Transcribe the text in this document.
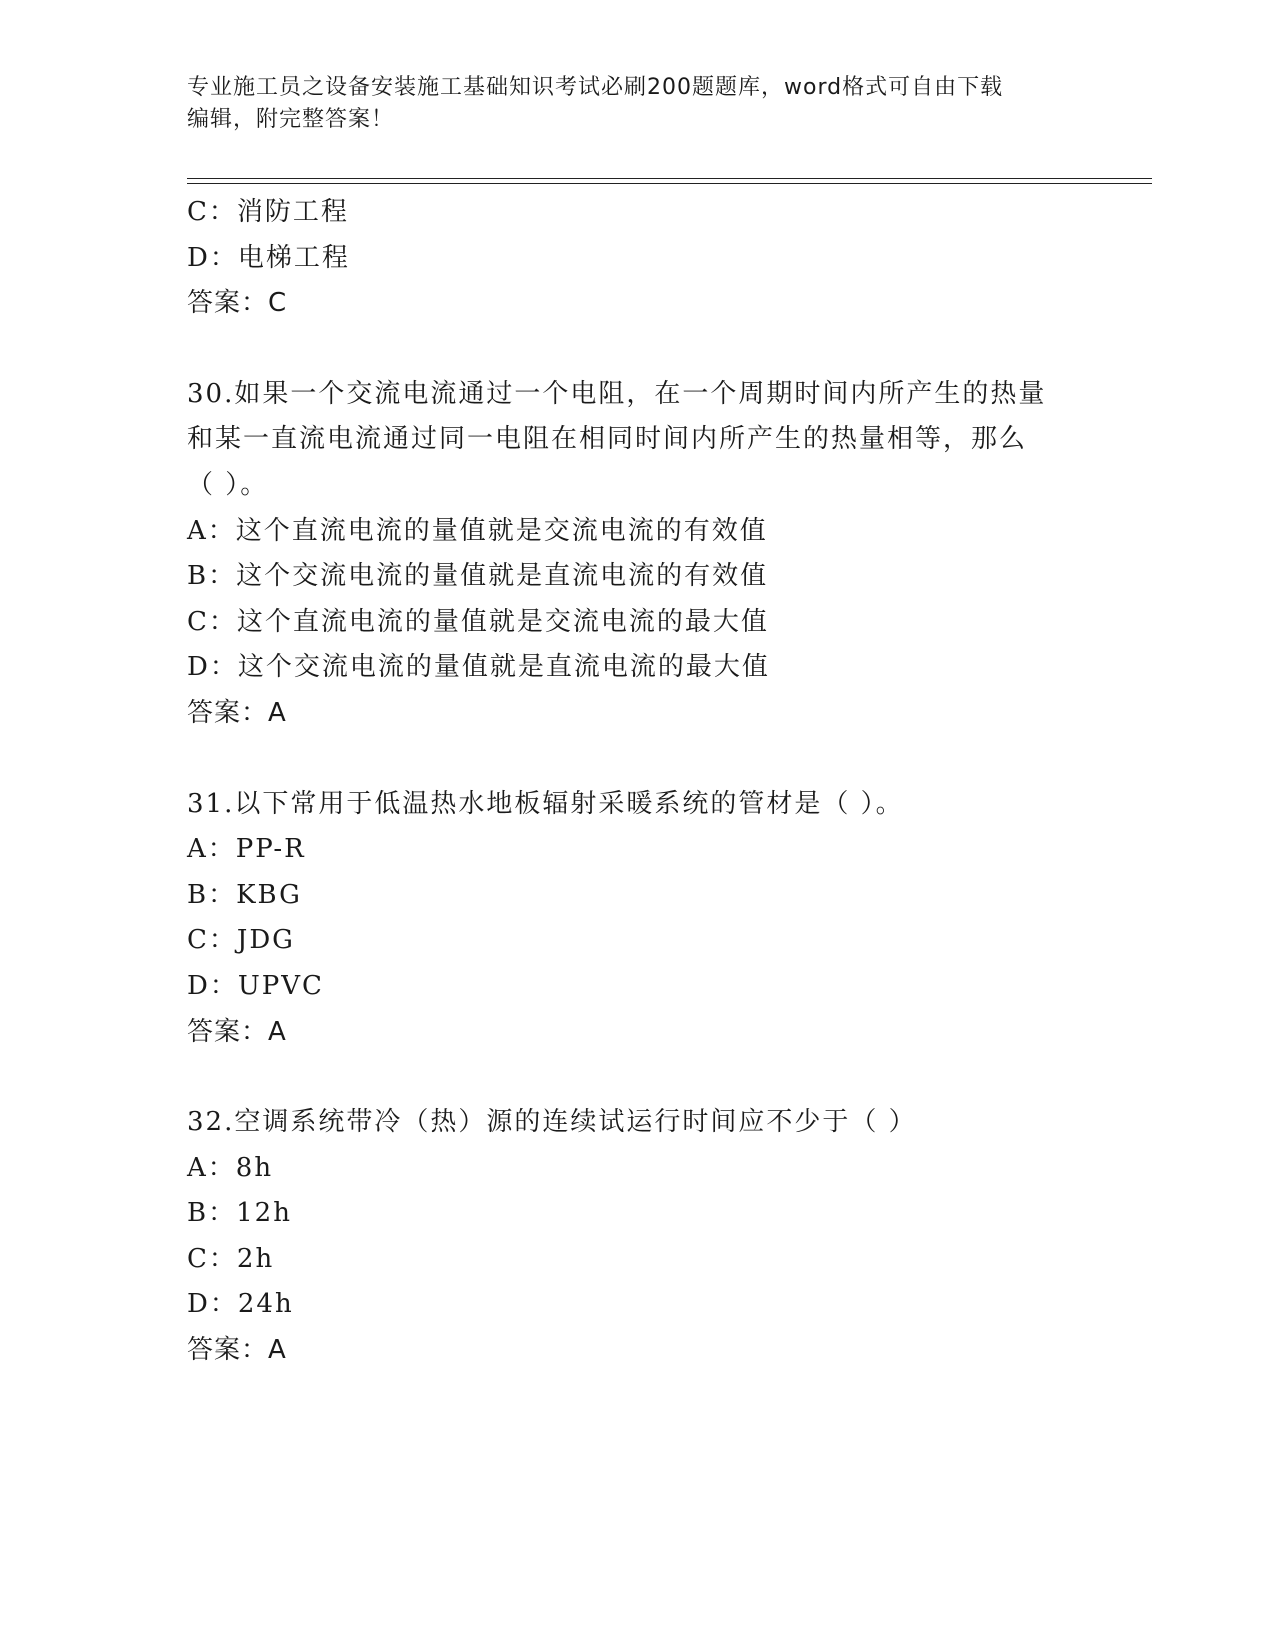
专业施工员之设备安装施工基础知识考试必刷200题题库，word格式可自由下载
编辑，附完整答案！
C：消防工程
D：电梯工程
答案：C
30.如果一个交流电流通过一个电阻，在一个周期时间内所产生的热量
和某一直流电流通过同一电阻在相同时间内所产生的热量相等，那么
（ ）。
A：这个直流电流的量值就是交流电流的有效值
B：这个交流电流的量值就是直流电流的有效值
C：这个直流电流的量值就是交流电流的最大值
D：这个交流电流的量值就是直流电流的最大值
答案：A
31.以下常用于低温热水地板辐射采暖系统的管材是（ ）。
A：PP-R
B：KBG
C：JDG
D：UPVC
答案：A
32.空调系统带冷（热）源的连续试运行时间应不少于（ ）
A：8h
B：12h
C：2h
D：24h
答案：A
